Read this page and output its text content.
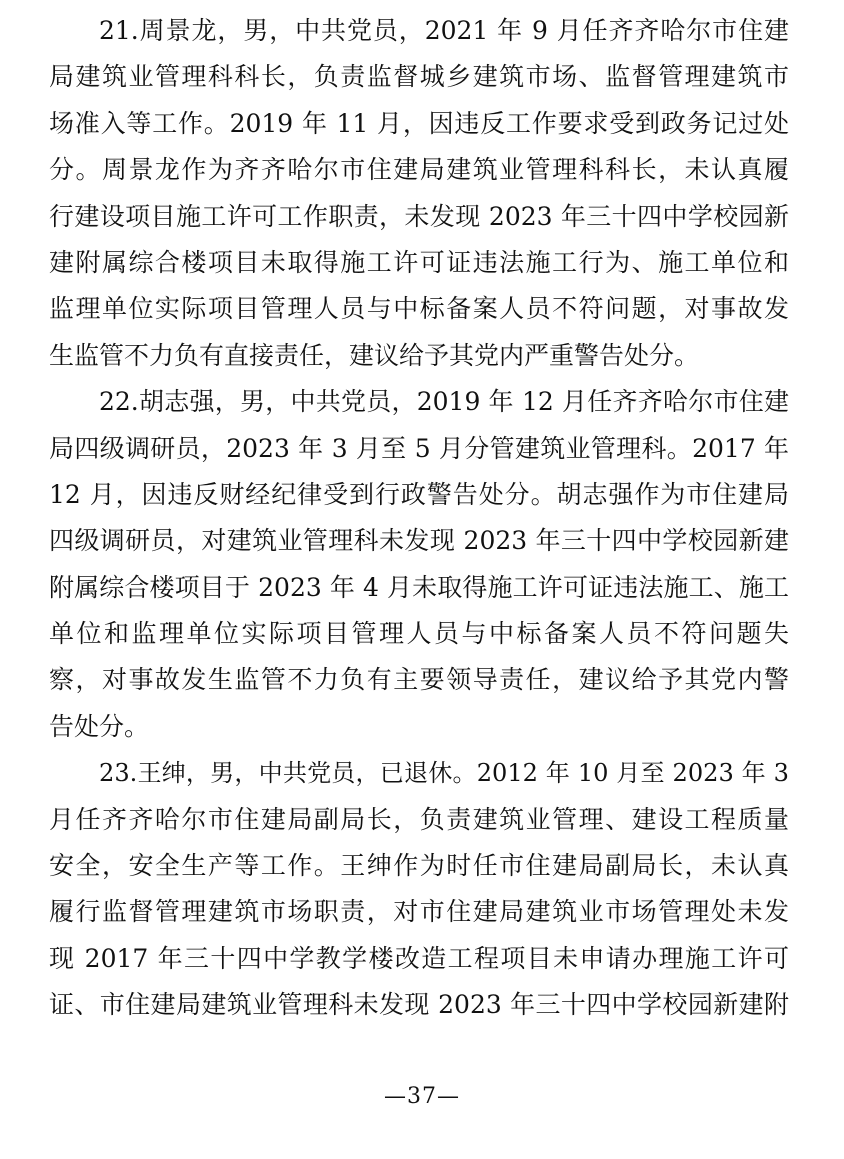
21.周景龙，男，中共党员，2021 年 9 月任齐齐哈尔市住建
局建筑业管理科科长，负责监督城乡建筑市场、监督管理建筑市
场准入等工作。2019 年 11 月，因违反工作要求受到政务记过处
分。周景龙作为齐齐哈尔市住建局建筑业管理科科长，未认真履
行建设项目施工许可工作职责，未发现 2023 年三十四中学校园新
建附属综合楼项目未取得施工许可证违法施工行为、施工单位和
监理单位实际项目管理人员与中标备案人员不符问题，对事故发
生监管不力负有直接责任，建议给予其党内严重警告处分。
22.胡志强，男，中共党员，2019 年 12 月任齐齐哈尔市住建
局四级调研员，2023 年 3 月至 5 月分管建筑业管理科。2017 年
12 月，因违反财经纪律受到行政警告处分。胡志强作为市住建局
四级调研员，对建筑业管理科未发现 2023 年三十四中学校园新建
附属综合楼项目于 2023 年 4 月未取得施工许可证违法施工、施工
单位和监理单位实际项目管理人员与中标备案人员不符问题失
察，对事故发生监管不力负有主要领导责任，建议给予其党内警
告处分。
23.王绅，男，中共党员，已退休。2012 年 10 月至 2023 年 3
月任齐齐哈尔市住建局副局长，负责建筑业管理、建设工程质量
安全，安全生产等工作。王绅作为时任市住建局副局长，未认真
履行监督管理建筑市场职责，对市住建局建筑业市场管理处未发
现 2017 年三十四中学教学楼改造工程项目未申请办理施工许可
证、市住建局建筑业管理科未发现 2023 年三十四中学校园新建附
—37—
